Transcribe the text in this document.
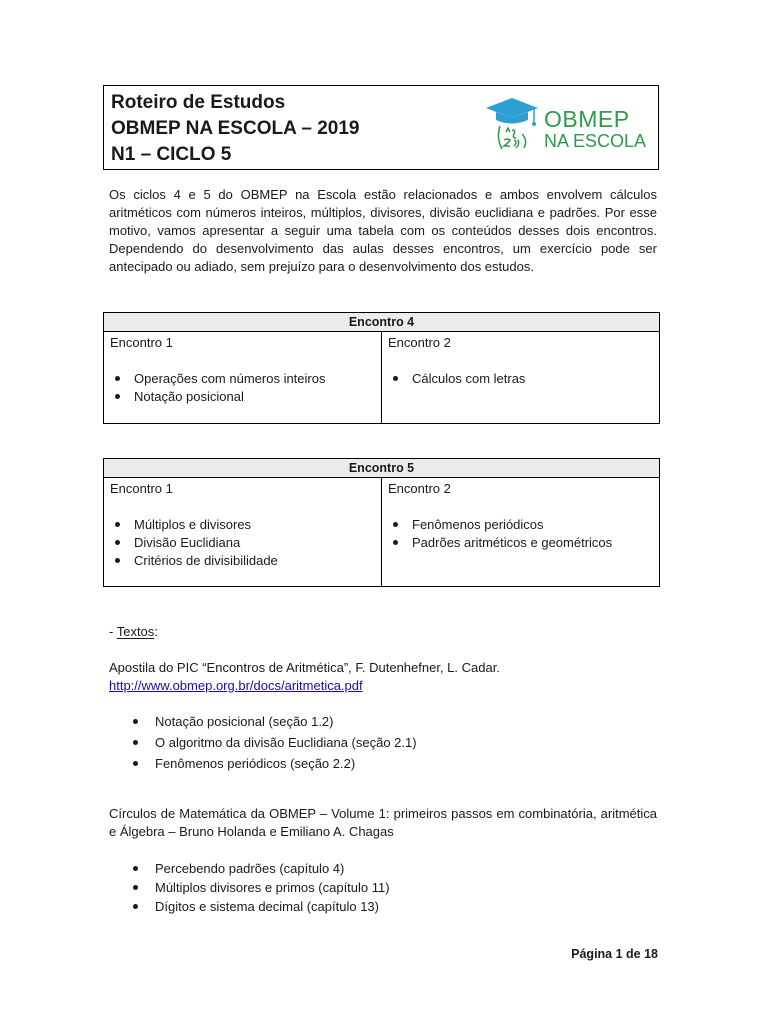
Roteiro de Estudos
OBMEP NA ESCOLA – 2019
N1 – CICLO 5
OBMEP
NA ESCOLA
Os ciclos 4 e 5 do OBMEP na Escola estão relacionados e ambos envolvem cálculos aritméticos com números inteiros, múltiplos, divisores, divisão euclidiana e padrões. Por esse motivo, vamos apresentar a seguir uma tabela com os conteúdos desses dois encontros. Dependendo do desenvolvimento das aulas desses encontros, um exercício pode ser antecipado ou adiado, sem prejuízo para o desenvolvimento dos estudos.
Encontro 4

Encontro 1
Operações com números inteiros
Notação posicional

Encontro 2
Cálculos com letras
Encontro 5

Encontro 1
Múltiplos e divisores
Divisão Euclidiana
Critérios de divisibilidade

Encontro 2
Fenômenos periódicos
Padrões aritméticos e geométricos
- Textos:
Apostila do PIC “Encontros de Aritmética”, F. Dutenhefner, L. Cadar.
http://www.obmep.org.br/docs/aritmetica.pdf
Notação posicional (seção 1.2)
O algoritmo da divisão Euclidiana (seção 2.1)
Fenômenos periódicos (seção 2.2)
Círculos de Matemática da OBMEP – Volume 1: primeiros passos em combinatória, aritmética e Álgebra – Bruno Holanda e Emiliano A. Chagas
Percebendo padrões (capítulo 4)
Múltiplos divisores e primos (capítulo 11)
Dígitos e sistema decimal (capítulo 13)
Página 1 de 18
